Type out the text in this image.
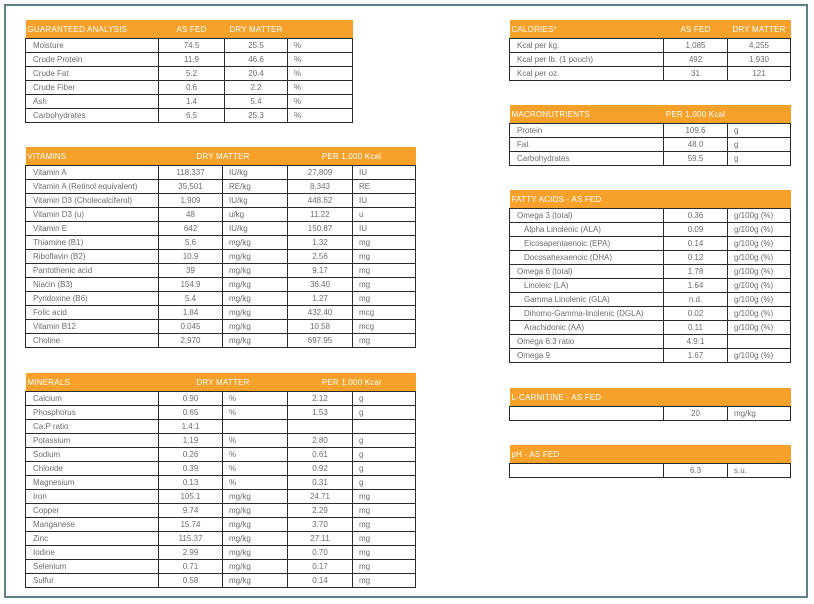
GUARANTEED ANALYSIS	AS FED	DRY MATTER	
Moisture	74.5	25.5	%
Crude Protein	11.9	46.6	%
Crude Fat	5.2	20.4	%
Crude Fiber	0.6	2.2	%
Ash	1.4	5.4	%
Carbohydrates	6.5	25.3	%
VITAMINS	DRY MATTER		PER 1,000 Kcal	
Vitamin A	118,337	IU/kg	27,809	IU
Vitamin A (Retinol equivalent)	35,501	RE/kg	8,343	RE
Vitamin D3 (Cholecalciferol)	1,909	IU/kg	448.62	IU
Vitamin D3 (u)	48	u/kg	11.22	u
Vitamin E	642	IU/kg	150.87	IU
Thiamine (B1)	5.6	mg/kg	1.32	mg
Riboflavin (B2)	10.9	mg/kg	2.56	mg
Pantothenic acid	39	mg/kg	9.17	mg
Niacin (B3)	154.9	mg/kg	36.40	mg
Pyridoxine (B6)	5.4	mg/kg	1.27	mg
Folic acid	1.84	mg/kg	432.40	mcg
Vitamin B12	0.045	mg/kg	10.58	mcg
Choline	2,970	mg/kg	697.95	mg
MINERALS	DRY MATTER		PER 1,000 Kcal	
Calcium	0.90	%	2.12	g
Phosphorus	0.65	%	1.53	g
Ca:P ratio	1.4:1			
Potassium	1.19	%	2.80	g
Sodium	0.26	%	0.61	g
Chloride	0.39	%	0.92	g
Magnesium	0.13	%	0.31	g
Iron	105.1	mg/kg	24.71	mg
Copper	9.74	mg/kg	2.29	mg
Manganese	15.74	mg/kg	3.70	mg
Zinc	115.37	mg/kg	27.11	mg
Iodine	2.99	mg/kg	0.70	mg
Selenium	0.71	mg/kg	0.17	mg
Sulfur	0.58	mg/kg	0.14	mg
CALORIES*	AS FED	DRY MATTER
Kcal per kg.	1,085	4,255
Kcal per lb. (1 pouch)	492	1,930
Kcal per oz.	31	121
MACRONUTRIENTS	PER 1,000 Kcal	
Protein	109.6	g
Fat	48.0	g
Carbohydrates	59.5	g
FATTY ACIDS - AS FED		
Omega 3 (total)	0.36	g/100g (%)
Alpha Linolenic (ALA)	0.09	g/100g (%)
Eicosapentaenoic (EPA)	0.14	g/100g (%)
Docosahexaenoic (DHA)	0.12	g/100g (%)
Omega 6 (total)	1.78	g/100g (%)
Linoleic (LA)	1.64	g/100g (%)
Gamma Linolenic (GLA)	n.d.	g/100g (%)
Dihomo-Gamma-linolenic (DGLA)	0.02	g/100g (%)
Arachidonic (AA)	0.11	g/100g (%)
Omega 6:3 ratio	4.9:1	
Omega 9	1.67	g/100g (%)
L-CARNITINE - AS FED
	20	mg/kg
pH - AS FED
	6.3	s.u.
